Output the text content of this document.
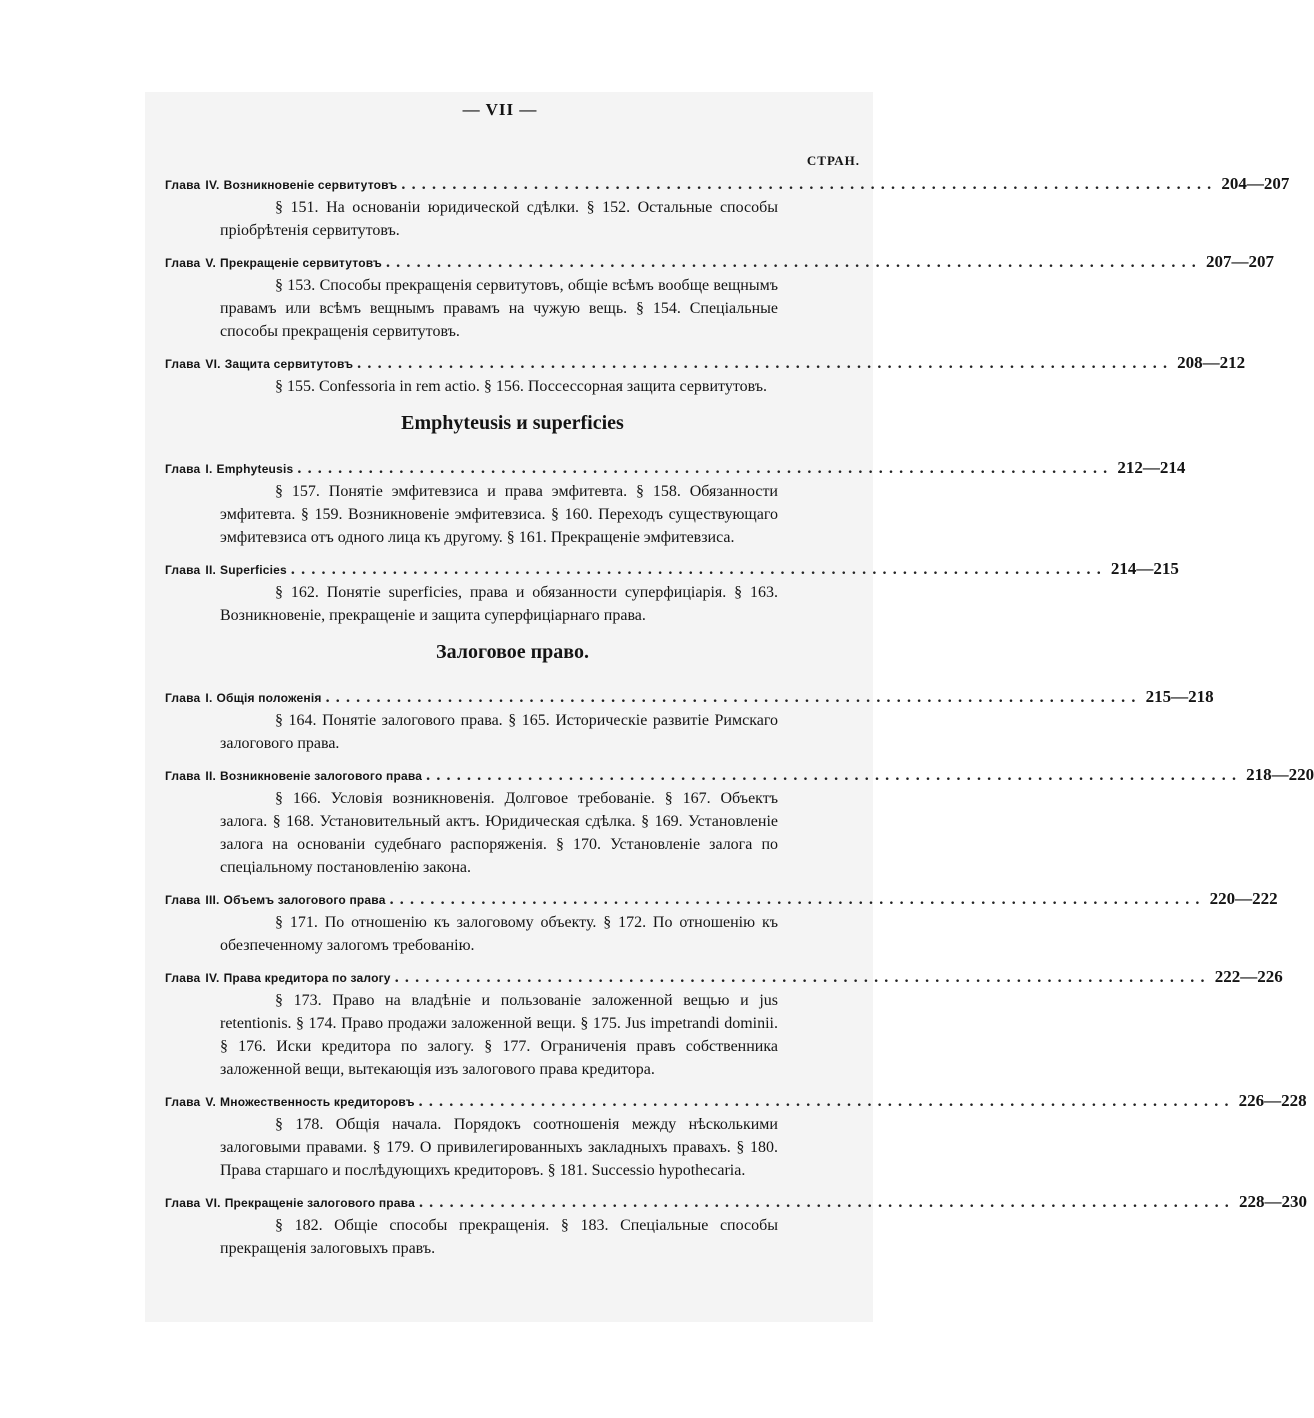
— VII —
СТРАН.
Глава IV. Возникновеніе сервитутовъ ................................................................................ 204—207
§ 151. На основаніи юридической сдѣлки. § 152. Остальные способы пріобрѣтенія сервитутовъ.
Глава V. Прекращеніе сервитутовъ ................................................................................ 207—207
§ 153. Способы прекращенія сервитутовъ, общіе всѣмъ вообще вещнымъ правамъ или всѣмъ вещнымъ правамъ на чужую вещь. § 154. Спеціальные способы прекращенія сервитутовъ.
Глава VI. Защита сервитутовъ ................................................................................ 208—212
§ 155. Confessoria in rem actio. § 156. Поссессорная защита сервитутовъ.
Emphyteusis и superficies
Глава I. Emphyteusis ................................................................................ 212—214
§ 157. Понятіе эмфитевзиса и права эмфитевта. § 158. Обязанности эмфитевта. § 159. Возникновеніе эмфитевзиса. § 160. Переходъ существующаго эмфитевзиса отъ одного лица къ другому. § 161. Прекращеніе эмфитевзиса.
Глава II. Superficies ................................................................................ 214—215
§ 162. Понятіе superficies, права и обязанности суперфиціарія. § 163. Возникновеніе, прекращеніе и защита суперфиціарнаго права.
Залоговое право.
Глава I. Общія положенія ................................................................................ 215—218
§ 164. Понятіе залогового права. § 165. Историческіе развитіе Римскаго залогового права.
Глава II. Возникновеніе залогового права ................................................................................ 218—220
§ 166. Условія возникновенія. Долговое требованіе. § 167. Объектъ залога. § 168. Установительный актъ. Юридическая сдѣлка. § 169. Установленіе залога на основаніи судебнаго распоряженія. § 170. Установленіе залога по спеціальному постановленію закона.
Глава III. Объемъ залогового права ................................................................................ 220—222
§ 171. По отношенію къ залоговому объекту. § 172. По отношенію къ обезпеченному залогомъ требованію.
Глава IV. Права кредитора по залогу ................................................................................ 222—226
§ 173. Право на владѣніе и пользованіе заложенной вещью и jus retentionis. § 174. Право продажи заложенной вещи. § 175. Jus impetrandi dominii. § 176. Иски кредитора по залогу. § 177. Ограниченія правъ собственника заложенной вещи, вытекающія изъ залогового права кредитора.
Глава V. Множественность кредиторовъ ................................................................................ 226—228
§ 178. Общія начала. Порядокъ соотношенія между нѣсколькими залоговыми правами. § 179. О привилегированныхъ закладныхъ правахъ. § 180. Права старшаго и послѣдующихъ кредиторовъ. § 181. Successio hypothecaria.
Глава VI. Прекращеніе залогового права ................................................................................ 228—230
§ 182. Общіе способы прекращенія. § 183. Спеціальные способы прекращенія залоговыхъ правъ.
